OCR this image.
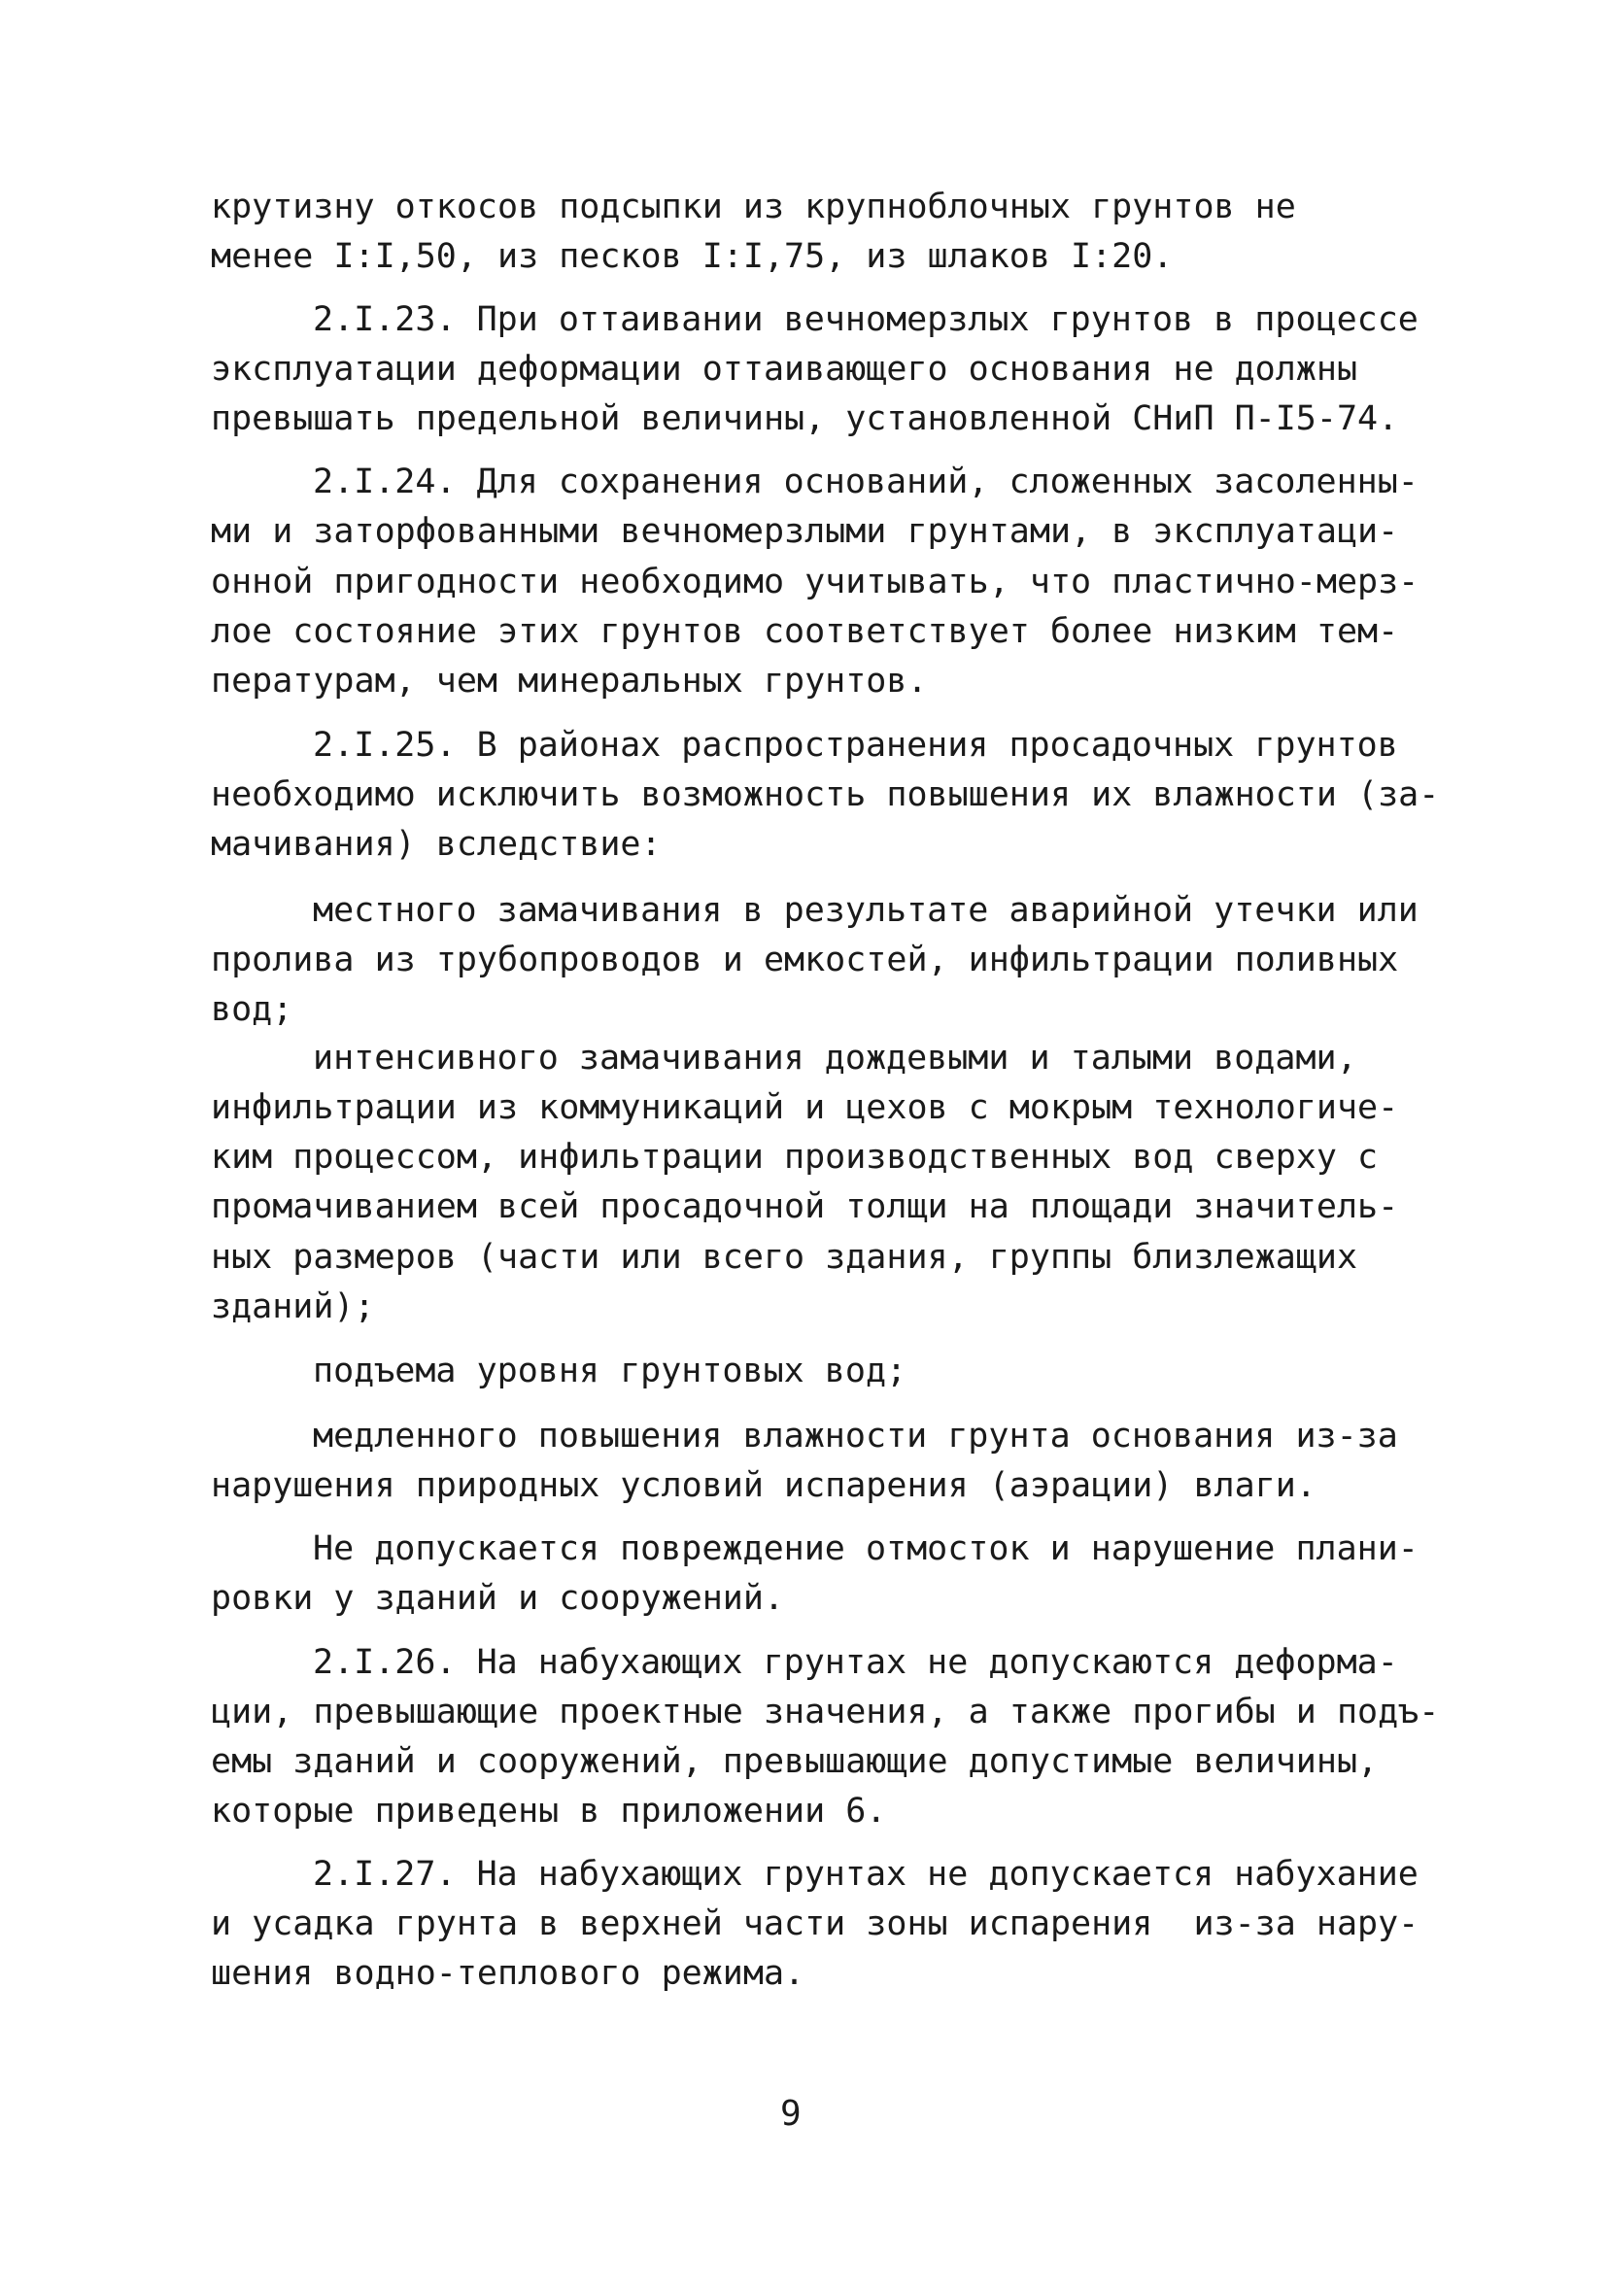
крутизну откосов подсыпки из крупноблочных грунтов не
менее I:I,50, из песков I:I,75, из шлаков I:20.
2.I.23. При оттаивании вечномерзлых грунтов в процессе
эксплуатации деформации оттаивающего основания не должны
превышать предельной величины, установленной СНиП П-I5-74.
2.I.24. Для сохранения оснований, сложенных засоленны-
ми и заторфованными вечномерзлыми грунтами, в эксплуатаци-
онной пригодности необходимо учитывать, что пластично-мерз-
лое состояние этих грунтов соответствует более низким тем-
пературам, чем минеральных грунтов.
2.I.25. В районах распространения просадочных грунтов
необходимо исключить возможность повышения их влажности (за-
мачивания) вследствие:
местного замачивания в результате аварийной утечки или
пролива из трубопроводов и емкостей, инфильтрации поливных
вод;
интенсивного замачивания дождевыми и талыми водами,
инфильтрации из коммуникаций и цехов с мокрым технологиче-
ким процессом, инфильтрации производственных вод сверху с
промачиванием всей просадочной толщи на площади значитель-
ных размеров (части или всего здания, группы близлежащих
зданий);
подъема уровня грунтовых вод;
медленного повышения влажности грунта основания из-за
нарушения природных условий испарения (аэрации) влаги.
Не допускается повреждение отмосток и нарушение плани-
ровки у зданий и сооружений.
2.I.26. На набухающих грунтах не допускаются деформа-
ции, превышающие проектные значения, а также прогибы и подъ-
емы зданий и сооружений, превышающие допустимые величины,
которые приведены в приложении 6.
2.I.27. На набухающих грунтах не допускается набухание
и усадка грунта в верхней части зоны испарения  из-за нару-
шения водно-теплового режима.
9
